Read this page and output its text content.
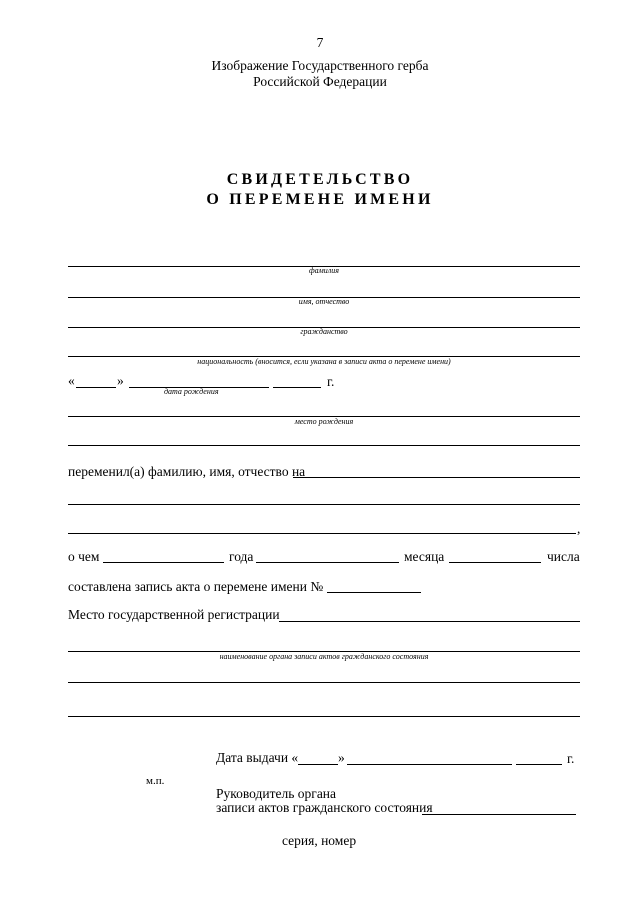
7
Изображение Государственного герба
Российской Федерации
СВИДЕТЕЛЬСТВО
О ПЕРЕМЕНЕ ИМЕНИ
фамилия
имя, отчество
гражданство
национальность (вносится, если указана в записи акта о перемене имени)
«	»	г.
дата рождения
место рождения
переменил(а) фамилию, имя, отчество на
,
о чем	года	месяца	числа
составлена запись акта о перемене имени №
Место государственной регистрации
наименование органа записи актов гражданского состояния
Дата выдачи «	»	г.
м.п.
Руководитель органа
записи актов гражданского состояния
серия, номер
